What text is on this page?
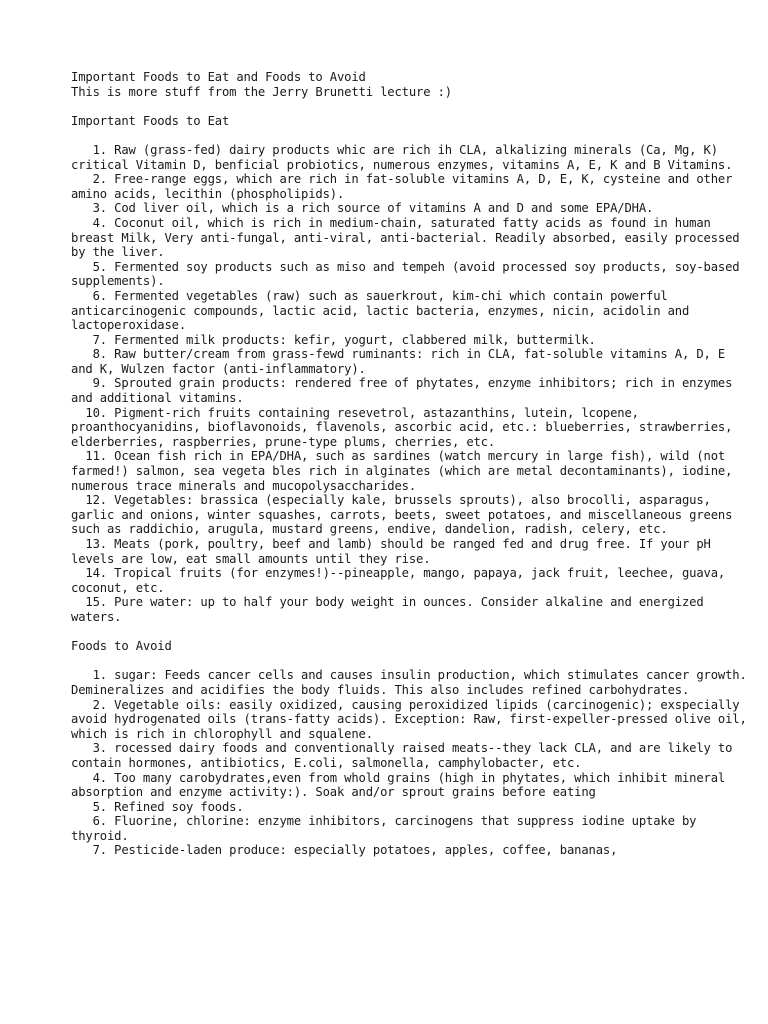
Important Foods to Eat and Foods to Avoid
This is more stuff from the Jerry Brunetti lecture :)
Important Foods to Eat
1. Raw (grass-fed) dairy products whic are rich ih CLA, alkalizing minerals (Ca, Mg, K) critical Vitamin D, benficial probiotics, numerous enzymes, vitamins A, E, K and B Vitamins.
2. Free-range eggs, which are rich in fat-soluble vitamins A, D, E, K, cysteine and other amino acids, lecithin (phospholipids).
3. Cod liver oil, which is a rich source of vitamins A and D and some EPA/DHA.
4. Coconut oil, which is rich in medium-chain, saturated fatty acids as found in human breast Milk, Very anti-fungal, anti-viral, anti-bacterial. Readily absorbed, easily processed by the liver.
5. Fermented soy products such as miso and tempeh (avoid processed soy products, soy-based supplements).
6. Fermented vegetables (raw) such as sauerkrout, kim-chi which contain powerful anticarcinogenic compounds, lactic acid, lactic bacteria, enzymes, nicin, acidolin and lactoperoxidase.
7. Fermented milk products: kefir, yogurt, clabbered milk, buttermilk.
8. Raw butter/cream from grass-fewd ruminants: rich in CLA, fat-soluble vitamins A, D, E and K, Wulzen factor (anti-inflammatory).
9. Sprouted grain products: rendered free of phytates, enzyme inhibitors; rich in enzymes and additional vitamins.
10. Pigment-rich fruits containing resevetrol, astazanthins, lutein, lcopene, proanthocyanidins, bioflavonoids, flavenols, ascorbic acid, etc.: blueberries, strawberries, elderberries, raspberries, prune-type plums, cherries, etc.
11. Ocean fish rich in EPA/DHA, such as sardines (watch mercury in large fish), wild (not farmed!) salmon, sea vegeta bles rich in alginates (which are metal decontaminants), iodine, numerous trace minerals and mucopolysaccharides.
12. Vegetables: brassica (especially kale, brussels sprouts), also brocolli, asparagus, garlic and onions, winter squashes, carrots, beets, sweet potatoes, and miscellaneous greens such as raddichio, arugula, mustard greens, endive, dandelion, radish, celery, etc.
13. Meats (pork, poultry, beef and lamb) should be ranged fed and drug free. If your pH levels are low, eat small amounts until they rise.
14. Tropical fruits (for enzymes!)--pineapple, mango, papaya, jack fruit, leechee, guava, coconut, etc.
15. Pure water: up to half your body weight in ounces. Consider alkaline and energized waters.
Foods to Avoid
1. sugar: Feeds cancer cells and causes insulin production, which stimulates cancer growth. Demineralizes and acidifies the body fluids. This also includes refined carbohydrates.
2. Vegetable oils: easily oxidized, causing peroxidized lipids (carcinogenic); exspecially avoid hydrogenated oils (trans-fatty acids). Exception: Raw, first-expeller-pressed olive oil, which is rich in chlorophyll and squalene.
3. rocessed dairy foods and conventionally raised meats--they lack CLA, and are likely to contain hormones, antibiotics, E.coli, salmonella, camphylobacter, etc.
4. Too many carobydrates,even from whold grains (high in phytates, which inhibit mineral absorption and enzyme activity:). Soak and/or sprout grains before eating
5. Refined soy foods.
6. Fluorine, chlorine: enzyme inhibitors, carcinogens that suppress iodine uptake by thyroid.
7. Pesticide-laden produce: especially potatoes, apples, coffee, bananas,
